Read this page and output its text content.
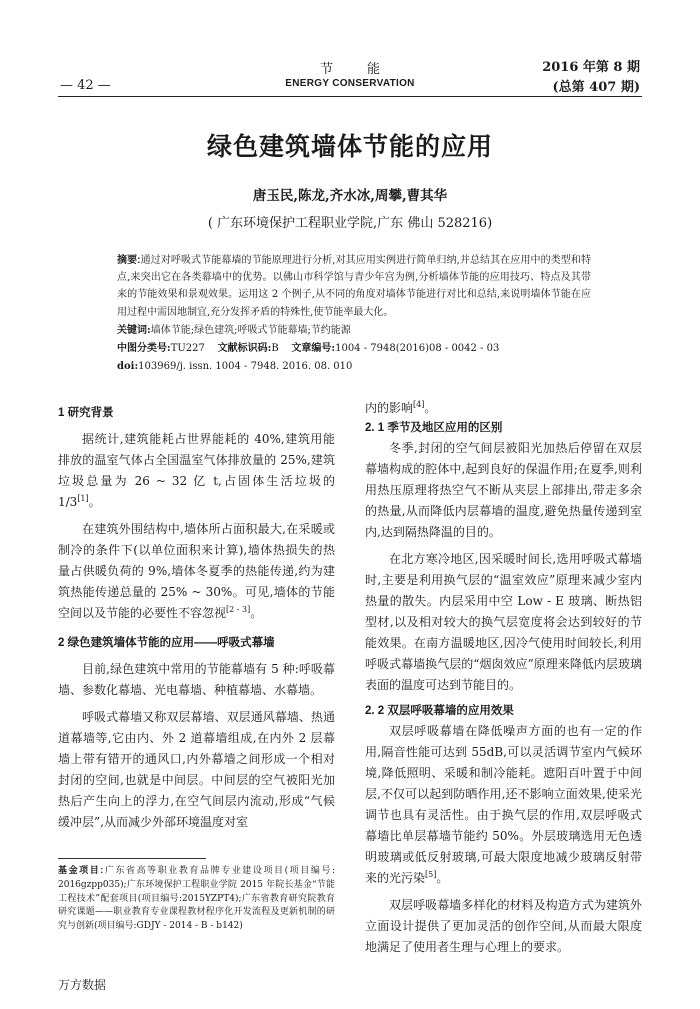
节能
ENERGY CONSERVATION
— 42 —
2016 年第 8 期
(总第 407 期)
绿色建筑墙体节能的应用
唐玉民,陈龙,齐水冰,周攀,曹其华
( 广东环境保护工程职业学院,广东 佛山 528216)
摘要:通过对呼吸式节能幕墙的节能原理进行分析,对其应用实例进行简单归纳,并总结其在应用中的类型和特点,来突出它在各类幕墙中的优势。以佛山市科学馆与青少年宫为例,分析墙体节能的应用技巧、特点及其带来的节能效果和景观效果。运用这 2 个例子,从不同的角度对墙体节能进行对比和总结,来说明墙体节能在应用过程中需因地制宜,充分发挥矛盾的特殊性,使节能率最大化。
关键词:墙体节能;绿色建筑;呼吸式节能幕墙;节约能源
中图分类号:TU227 文献标识码:B 文章编号:1004 - 7948(2016)08 - 0042 - 03
doi:103969/j. issn. 1004 - 7948. 2016. 08. 010
1 研究背景

据统计,建筑能耗占世界能耗的 40%,建筑用能排放的温室气体占全国温室气体排放量的 25%,建筑垃圾总量为 26 ~ 32 亿 t,占固体生活垃圾的 1/3[1]。

在建筑外围结构中,墙体所占面积最大,在采暖或制冷的条件下(以单位面积来计算),墙体热损失的热量占供暖负荷的 9%,墙体冬夏季的热能传递,约为建筑热能传递总量的 25% ~ 30%。可见,墙体的节能空间以及节能的必要性不容忽视[2 - 3]。

2 绿色建筑墙体节能的应用——呼吸式幕墙

目前,绿色建筑中常用的节能幕墙有 5 种:呼吸幕墙、参数化幕墙、光电幕墙、种植幕墙、水幕墙。

呼吸式幕墙又称双层幕墙、双层通风幕墙、热通道幕墙等,它由内、外 2 道幕墙组成,在内外 2 层幕墙上带有错开的通风口,内外幕墙之间形成一个相对封闭的空间,也就是中间层。中间层的空气被阳光加热后产生向上的浮力,在空气间层内流动,形成“气候缓冲层”,从而减少外部环境温度对室

内的影响[4]。

2. 1 季节及地区应用的区别

冬季,封闭的空气间层被阳光加热后停留在双层幕墙构成的腔体中,起到良好的保温作用;在夏季,则利用热压原理将热空气不断从夹层上部排出,带走多余的热量,从而降低内层幕墙的温度,避免热量传递到室内,达到隔热降温的目的。

在北方寒冷地区,因采暖时间长,选用呼吸式幕墙时,主要是利用换气层的“温室效应”原理来减少室内热量的散失。内层采用中空 Low - E 玻璃、断热铝型材,以及相对较大的换气层宽度将会达到较好的节能效果。在南方温暖地区,因冷气使用时间较长,利用呼吸式幕墙换气层的“烟囱效应”原理来降低内层玻璃表面的温度可达到节能目的。

2. 2 双层呼吸幕墙的应用效果

双层呼吸幕墙在降低噪声方面的也有一定的作用,隔音性能可达到 55dB,可以灵活调节室内气候环境,降低照明、采暖和制冷能耗。遮阳百叶置于中间层,不仅可以起到防晒作用,还不影响立面效果,使采光调节也具有灵活性。由于换气层的作用,双层呼吸式幕墙比单层幕墙节能约 50%。外层玻璃选用无色透明玻璃或低反射玻璃,可最大限度地减少玻璃反射带来的光污染[5]。

双层呼吸幕墙多样化的材料及构造方式为建筑外立面设计提供了更加灵活的创作空间,从而最大限度地满足了使用者生理与心理上的要求。

基金项目:广东省高等职业教育品牌专业建设项目(项目编号: 2016gzpp035);广东环境保护工程职业学院 2015 年院长基金“节能工程技术”配套项目(项目编号:2015YZPT4);广东省教育研究院教育研究课题——职业教育专业课程教材程序化开发流程及更新机制的研究与创新(项目编号:GDJY - 2014 - B - b142)
万方数据
